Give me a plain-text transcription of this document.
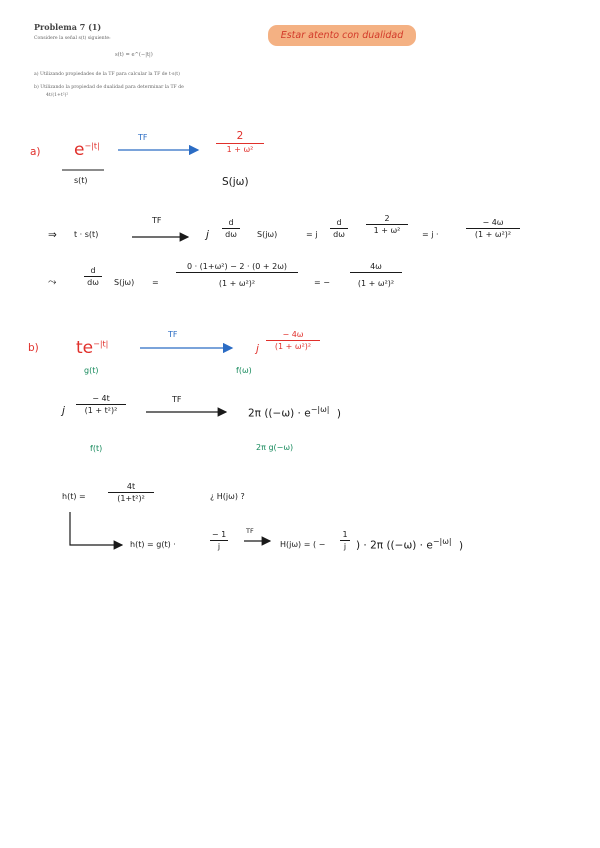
Problema 7 (1)
Considere la señal s(t) siguiente:
s(t) = e^(−|t|)
a) Utilizando propiedades de la TF para calcular la TF de t·s(t)
b) Utilizando la propiedad de dualidad para determinar la TF de
4t/(1+t²)²
Estar atento con dualidad
a) $e^{-|t|}$
s(t)
TF	2
1 + ω²
S(jω)
⇒ t · s(t)
TF
j
d
dω	S(jω)	= j
d
dω
2
1 + ω²	= j ·
− 4ω
(1 + ω²)²
⤳
d
dω	S(jω) =
0 · (1+ω²) − 2 · (0 + 2ω)
(1 + ω²)²	= −
4ω
(1 + ω²)²
b) $te^{-|t|}$
g(t)
TF
j
− 4ω
(1 + ω²)²
f(ω)
j
− 4t
(1 + t²)²
f(t)
TF
2π ($(-\omega) \cdot e^{-|\omega|}$ )
2π g(−ω)
h(t) =
4t
(1+t²)²	¿ H(jω) ?
h(t) = g(t) ·
− 1
j
TF
H(jω) = ( −
1
j ) · 2π ($(-\omega) \cdot e^{-|\omega|}$ )
